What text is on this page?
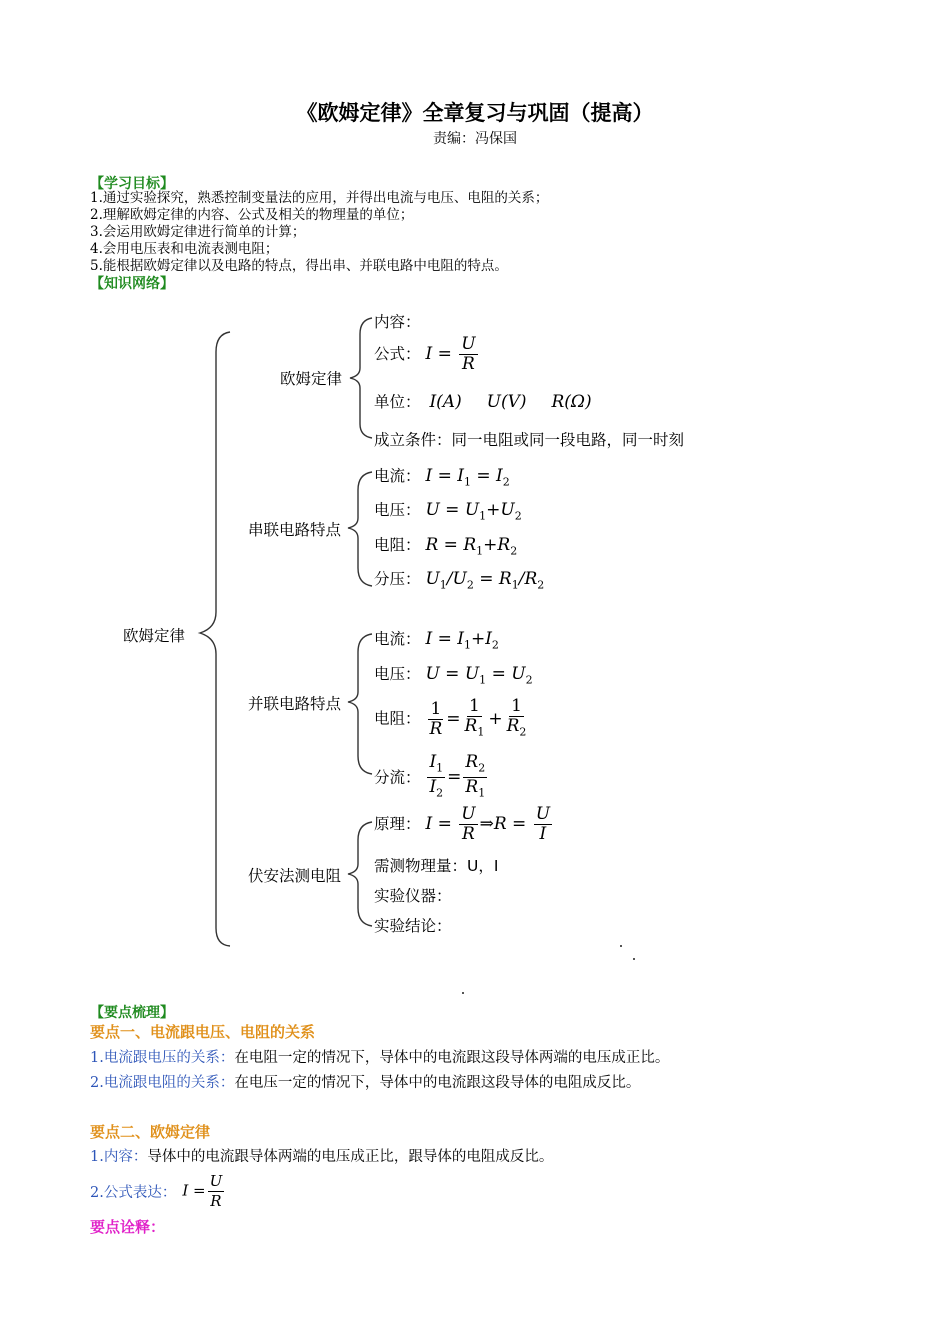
《欧姆定律》全章复习与巩固（提高）
责编：冯保国
【学习目标】
1.通过实验探究，熟悉控制变量法的应用，并得出电流与电压、电阻的关系；
2.理解欧姆定律的内容、公式及相关的物理量的单位；
3.会运用欧姆定律进行简单的计算；
4.会用电压表和电流表测电阻；
5.能根据欧姆定律以及电路的特点，得出串、并联电路中电阻的特点。
【知识网络】
欧姆定律
欧姆定律
内容：
公式： $I = \frac{U}{R}$
单位： I(A) U(V) R(Ω)
成立条件：同一电阻或同一段电路，同一时刻
串联电路特点
电流： $I = I_1 = I_2$
电压： $U = U_1+U_2$
电阻： $R = R_1+R_2$
分压： $U_1/U_2 = R_1/R_2$
并联电路特点
电流： $I = I_1+I_2$
电压： $U = U_1 = U_2$
电阻： $\frac{1}{R} = \frac{1}{R_1} + \frac{1}{R_2}$
分流： $\frac{I_1}{I_2} = \frac{R_2}{R_1}$
伏安法测电阻
原理： $I = \frac{U}{R}$ ⇒R = $\frac{U}{I}$
需测物理量：U，I
实验仪器：
实验结论：
【要点梳理】
要点一、电流跟电压、电阻的关系
1.电流跟电压的关系：在电阻一定的情况下，导体中的电流跟这段导体两端的电压成正比。
2.电流跟电阻的关系：在电压一定的情况下，导体中的电流跟这段导体的电阻成反比。
要点二、欧姆定律
1.内容：导体中的电流跟导体两端的电压成正比，跟导体的电阻成反比。
2.公式表达： $I = \frac{U}{R}$
要点诠释：
